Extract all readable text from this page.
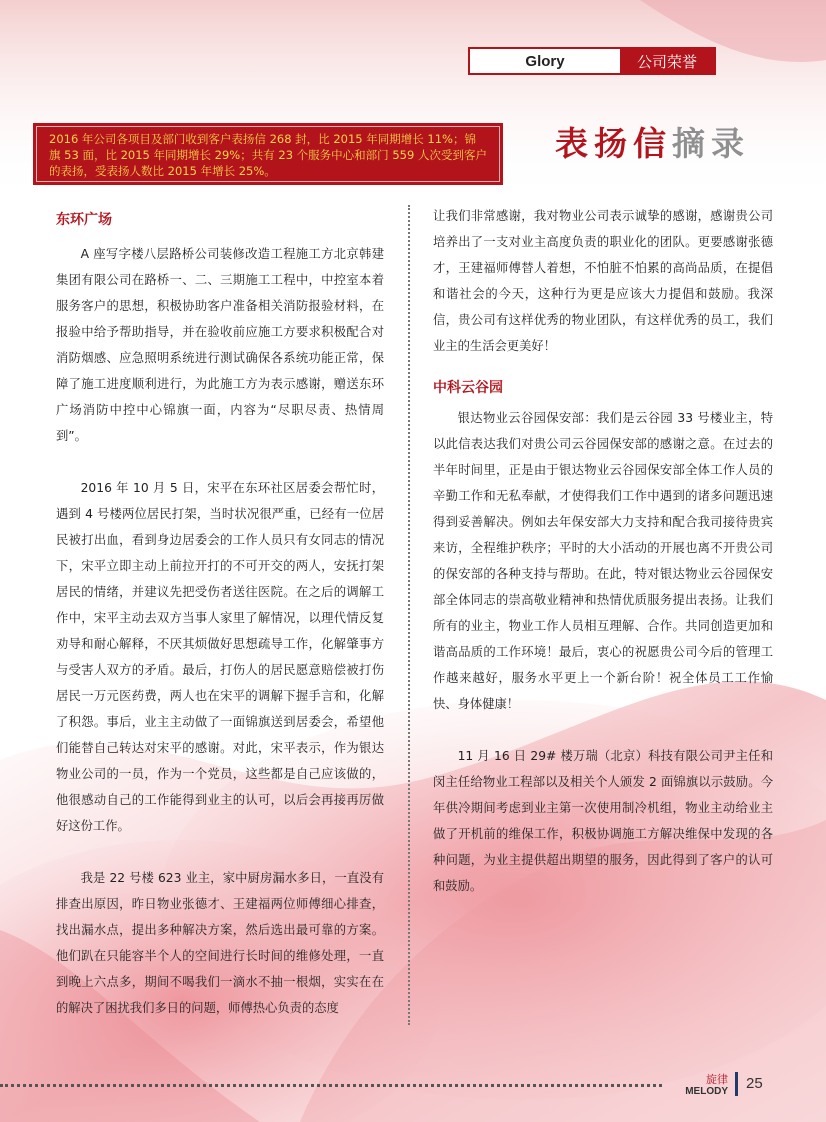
Glory	公司荣誉
2016 年公司各项目及部门收到客户表扬信 268 封，比 2015 年同期增长 11%；锦旗 53 面，比 2015 年同期增长 29%；共有 23 个服务中心和部门 559 人次受到客户的表扬，受表扬人数比 2015 年增长 25%。
表扬信摘录
东环广场

A 座写字楼八层路桥公司装修改造工程施工方北京韩建集团有限公司在路桥一、二、三期施工工程中，中控室本着服务客户的思想，积极协助客户准备相关消防报验材料，在报验中给予帮助指导，并在验收前应施工方要求积极配合对消防烟感、应急照明系统进行测试确保各系统功能正常，保障了施工进度顺利进行，为此施工方为表示感谢，赠送东环广场消防中控中心锦旗一面，内容为“尽职尽责、热情周到”。

2016 年 10 月 5 日，宋平在东环社区居委会帮忙时，遇到 4 号楼两位居民打架，当时状况很严重，已经有一位居民被打出血，看到身边居委会的工作人员只有女同志的情况下，宋平立即主动上前拉开打的不可开交的两人，安抚打架居民的情绪，并建议先把受伤者送往医院。在之后的调解工作中，宋平主动去双方当事人家里了解情况，以理代情反复劝导和耐心解释，不厌其烦做好思想疏导工作，化解肇事方与受害人双方的矛盾。最后，打伤人的居民愿意赔偿被打伤居民一万元医药费，两人也在宋平的调解下握手言和，化解了积怨。事后，业主主动做了一面锦旗送到居委会，希望他们能替自己转达对宋平的感谢。对此，宋平表示，作为银达物业公司的一员，作为一个党员，这些都是自己应该做的，他很感动自己的工作能得到业主的认可，以后会再接再厉做好这份工作。

我是 22 号楼 623 业主，家中厨房漏水多日，一直没有排查出原因，昨日物业张德才、王建福两位师傅细心排查，找出漏水点，提出多种解决方案，然后选出最可靠的方案。他们趴在只能容半个人的空间进行长时间的维修处理，一直到晚上六点多，期间不喝我们一滴水不抽一根烟，实实在在的解决了困扰我们多日的问题，师傅热心负责的态度

让我们非常感谢，我对物业公司表示诚挚的感谢，感谢贵公司培养出了一支对业主高度负责的职业化的团队。更要感谢张德才，王建福师傅替人着想，不怕脏不怕累的高尚品质，在提倡和谐社会的今天，这种行为更是应该大力提倡和鼓励。我深信，贵公司有这样优秀的物业团队，有这样优秀的员工，我们业主的生活会更美好！

中科云谷园

银达物业云谷园保安部：我们是云谷园 33 号楼业主，特以此信表达我们对贵公司云谷园保安部的感谢之意。在过去的半年时间里，正是由于银达物业云谷园保安部全体工作人员的辛勤工作和无私奉献，才使得我们工作中遇到的诸多问题迅速得到妥善解决。例如去年保安部大力支持和配合我司接待贵宾来访，全程维护秩序；平时的大小活动的开展也离不开贵公司的保安部的各种支持与帮助。在此，特对银达物业云谷园保安部全体同志的崇高敬业精神和热情优质服务提出表扬。让我们所有的业主，物业工作人员相互理解、合作。共同创造更加和谐高品质的工作环境！最后，衷心的祝愿贵公司今后的管理工作越来越好，服务水平更上一个新台阶！祝全体员工工作愉快、身体健康！

11 月 16 日 29# 楼万瑞（北京）科技有限公司尹主任和闵主任给物业工程部以及相关个人颁发 2 面锦旗以示鼓励。今年供冷期间考虑到业主第一次使用制冷机组，物业主动给业主做了开机前的维保工作，积极协调施工方解决维保中发现的各种问题，为业主提供超出期望的服务，因此得到了客户的认可和鼓励。

旋律
MELODY 25
